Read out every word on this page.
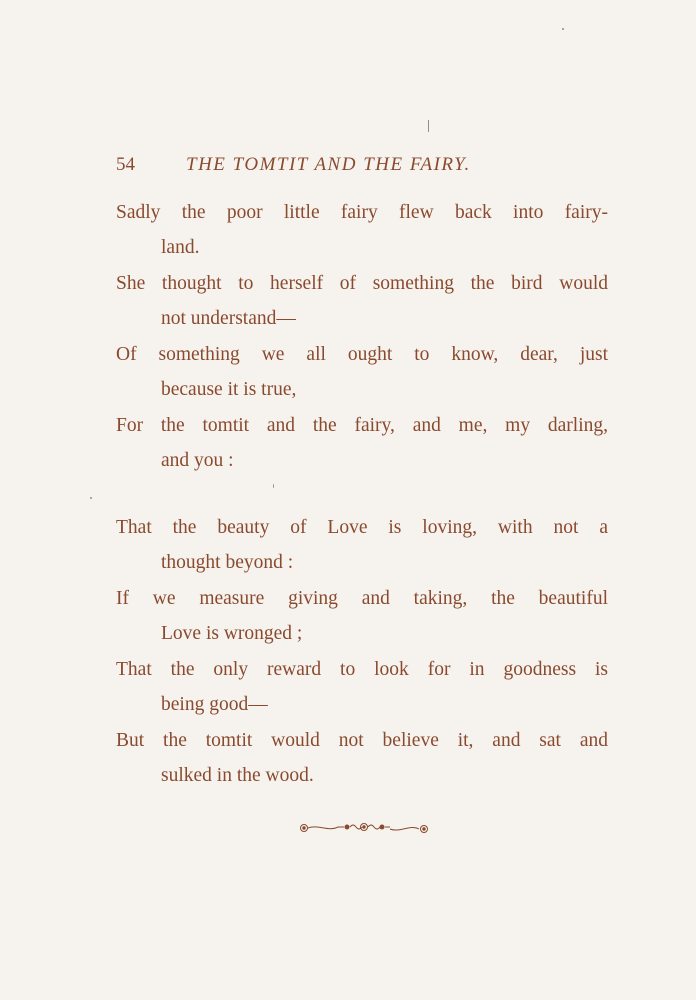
54	THE TOMTIT AND THE FAIRY.
Sadly the poor little fairy flew back into fairy-
land.
She thought to herself of something the bird would
not understand—
Of something we all ought to know, dear, just
because it is true,
For the tomtit and the fairy, and me, my darling,
and you :
That the beauty of Love is loving, with not a
thought beyond :
If we measure giving and taking, the beautiful
Love is wronged ;
That the only reward to look for in goodness is
being good—
But the tomtit would not believe it, and sat and
sulked in the wood.
